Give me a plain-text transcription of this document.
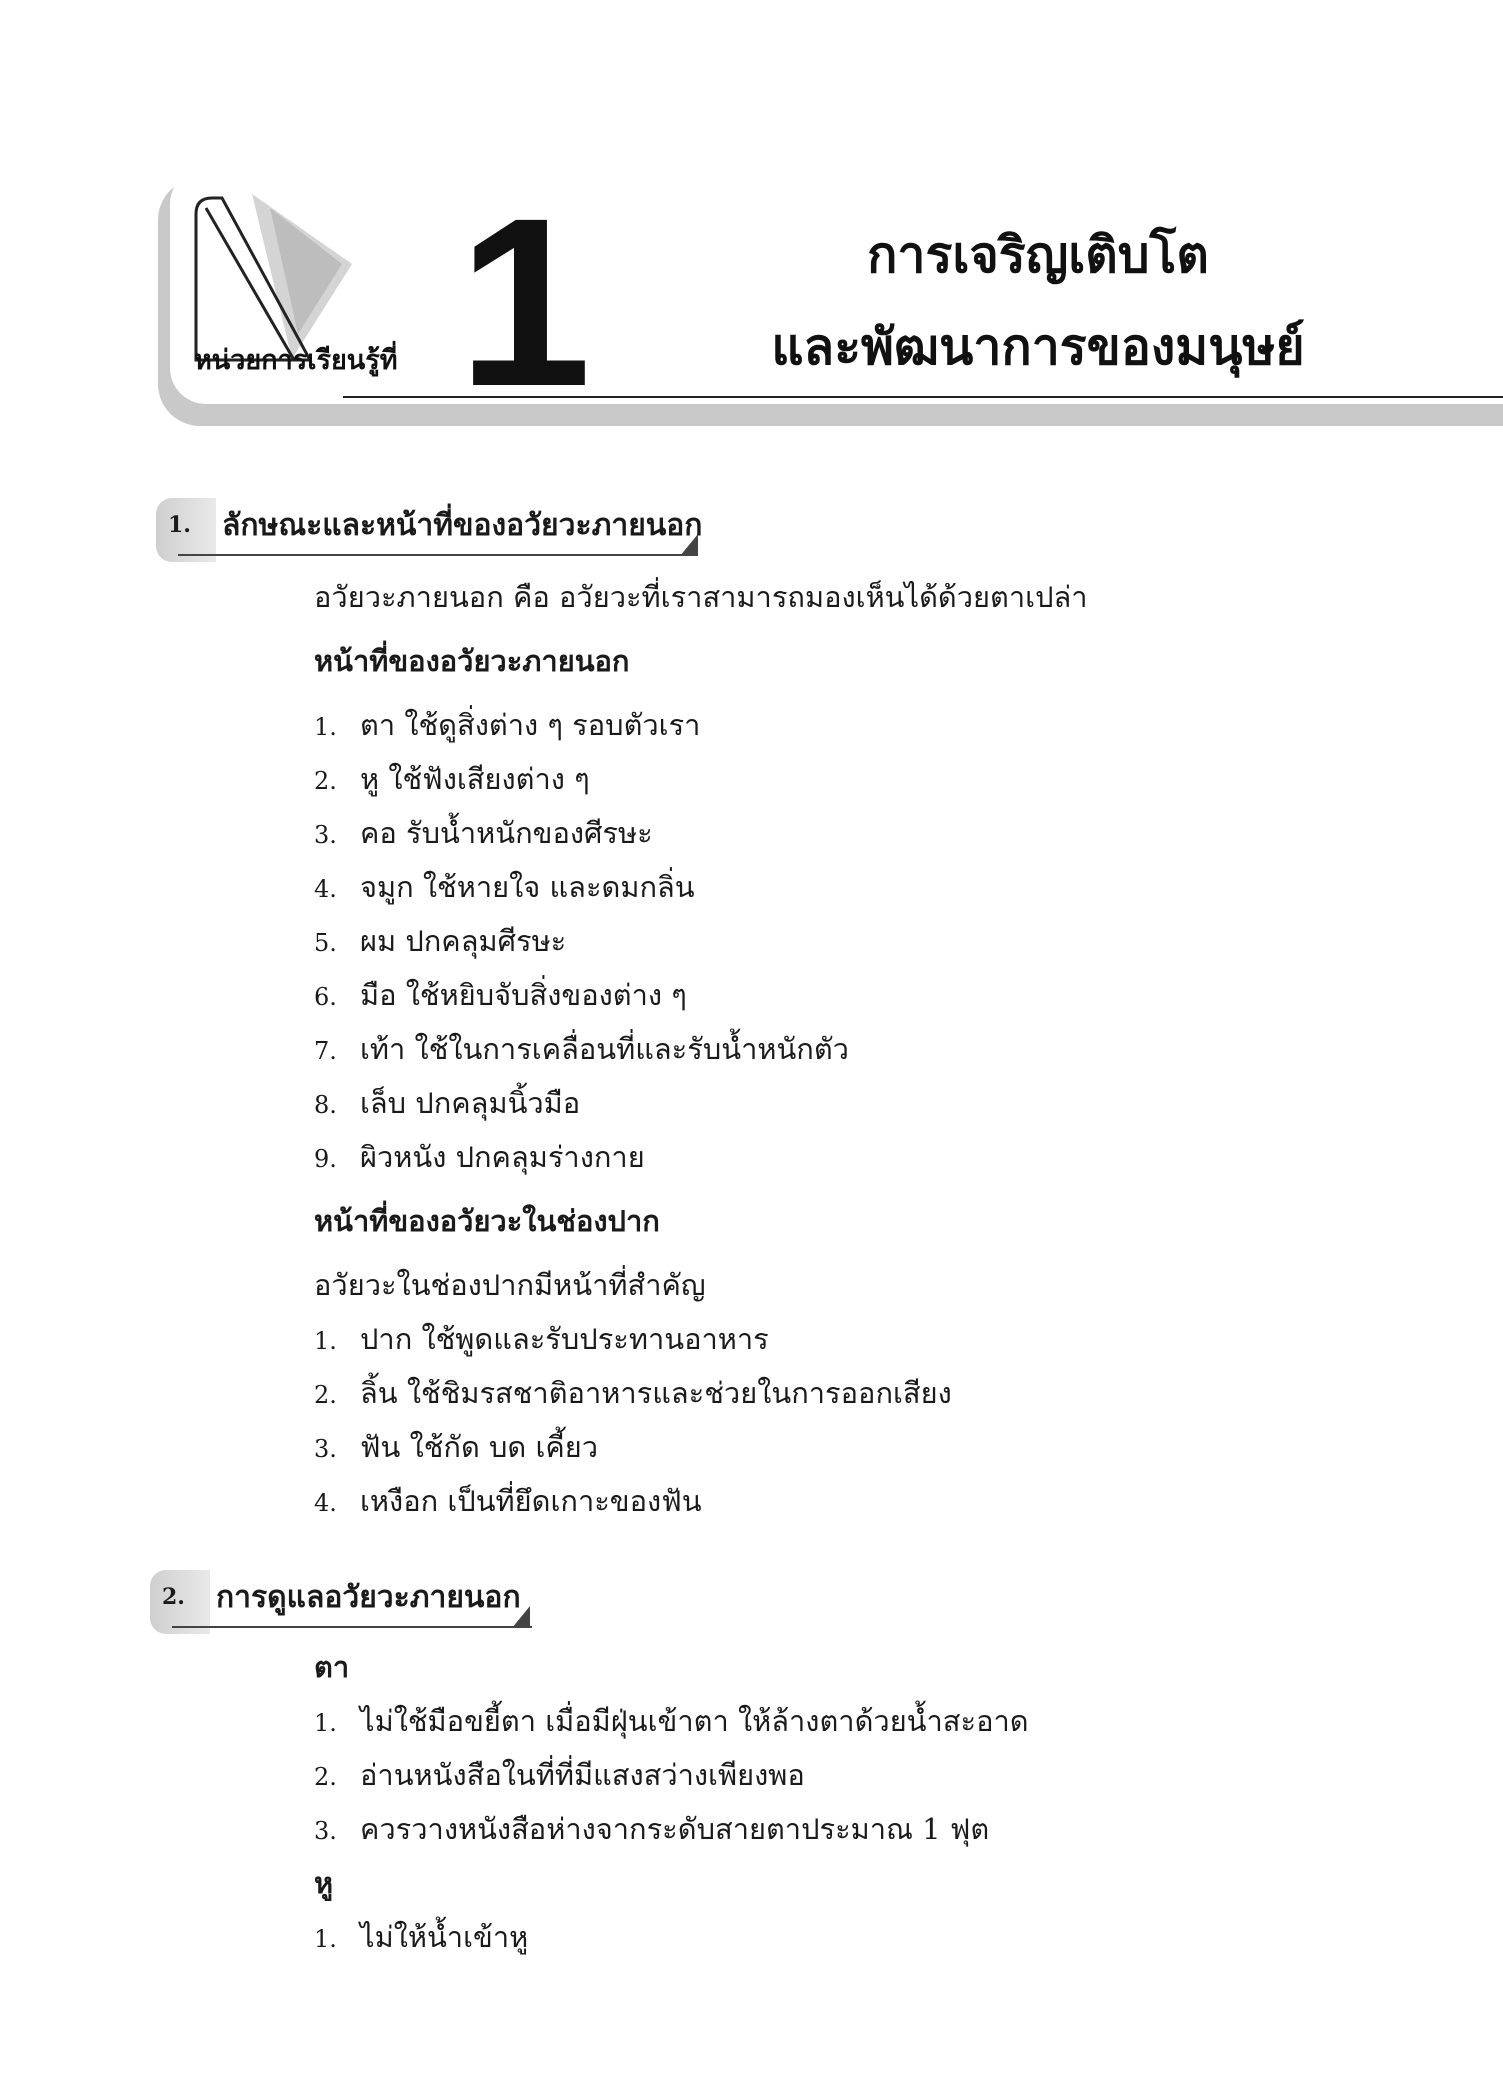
หน่วยการเรียนรู้ที่ 1	การเจริญเติบโต
และพัฒนาการของมนุษย์
1. ลักษณะและหน้าที่ของอวัยวะภายนอก
2. การดูแลอวัยวะภายนอก
อวัยวะภายนอก คือ อวัยวะที่เราสามารถมองเห็นได้ด้วยตาเปล่า
หน้าที่ของอวัยวะภายนอก
1. ตา ใช้ดูสิ่งต่าง ๆ รอบตัวเรา
2. หู ใช้ฟังเสียงต่าง ๆ
3. คอ รับน้ำหนักของศีรษะ
4. จมูก ใช้หายใจ และดมกลิ่น
5. ผม ปกคลุมศีรษะ
6. มือ ใช้หยิบจับสิ่งของต่าง ๆ
7. เท้า ใช้ในการเคลื่อนที่และรับน้ำหนักตัว
8. เล็บ ปกคลุมนิ้วมือ
9. ผิวหนัง ปกคลุมร่างกาย
หน้าที่ของอวัยวะในช่องปาก
อวัยวะในช่องปากมีหน้าที่สำคัญ
1. ปาก ใช้พูดและรับประทานอาหาร
2. ลิ้น ใช้ชิมรสชาติอาหารและช่วยในการออกเสียง
3. ฟัน ใช้กัด บด เคี้ยว
4. เหงือก เป็นที่ยึดเกาะของฟัน
ตา
1. ไม่ใช้มือขยี้ตา เมื่อมีฝุ่นเข้าตา ให้ล้างตาด้วยน้ำสะอาด
2. อ่านหนังสือในที่ที่มีแสงสว่างเพียงพอ
3. ควรวางหนังสือห่างจากระดับสายตาประมาณ 1 ฟุต
หู
1. ไม่ให้น้ำเข้าหู
